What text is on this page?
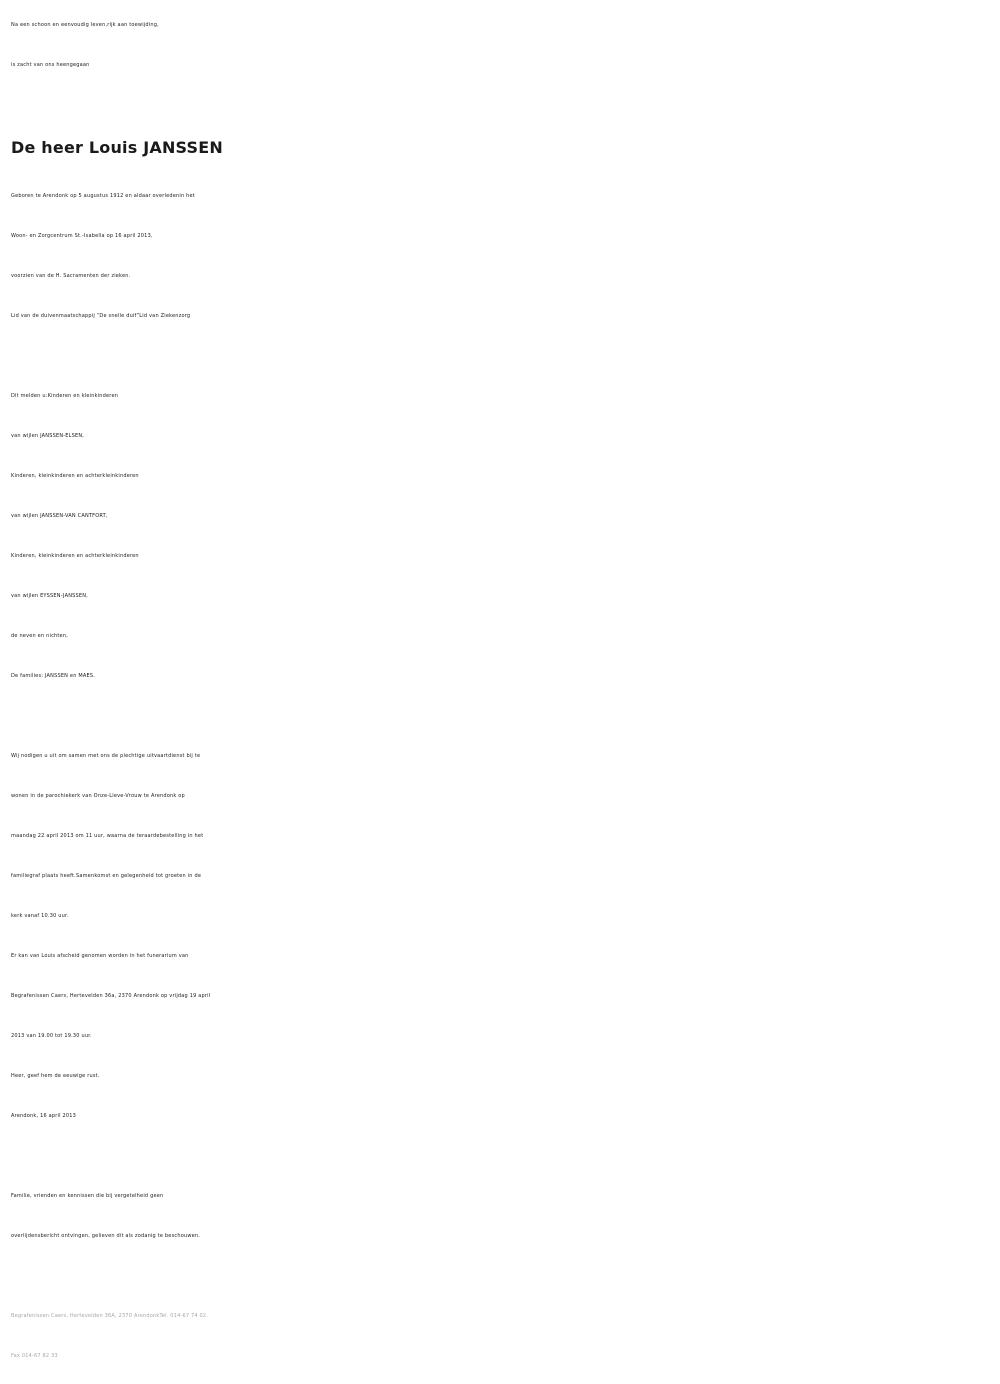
Na een schoon en eenvoudig leven,rijk aan toewijding,
is zacht van ons heengegaan
De heer Louis JANSSEN
Geboren te Arendonk op 5 augustus 1912 en aldaar overledenin het
Woon- en Zorgcentrum St.-Isabella op 16 april 2013,
voorzien van de H. Sacramenten der zieken.
Lid van de duivenmaatschappij “De snelle duif”Lid van Ziekenzorg
Dit melden u:Kinderen en kleinkinderen
van wijlen JANSSEN-ELSEN,
Kinderen, kleinkinderen en achterkleinkinderen
van wijlen JANSSEN-VAN CANTFORT,
Kinderen, kleinkinderen en achterkleinkinderen
van wijlen EYSSEN-JANSSEN,
de neven en nichten,
De families: JANSSEN en MAES.
Wij nodigen u uit om samen met ons de plechtige uitvaartdienst bij te
wonen in de parochiekerk van Onze-Lieve-Vrouw te Arendonk op
maandag 22 april 2013 om 11 uur, waarna de teraardebestelling in het
familiegraf plaats heeft.Samenkomst en gelegenheid tot groeten in de
kerk vanaf 10.30 uur.
Er kan van Louis afscheid genomen worden in het funerarium van
Begrafenissen Caers, Hertevelden 36a, 2370 Arendonk op vrijdag 19 april
2013 van 19.00 tot 19.30 uur.
Heer, geef hem de eeuwige rust.
Arendonk, 16 april 2013
Familie, vrienden en kennissen die bij vergetelheid geen
overlijdensbericht ontvingen, gelieven dit als zodanig te beschouwen.
Begrafenissen Caers, Hertevelden 36A, 2370 ArendonkTel. 014-67 74 02.
Fax 014-67 82 33
